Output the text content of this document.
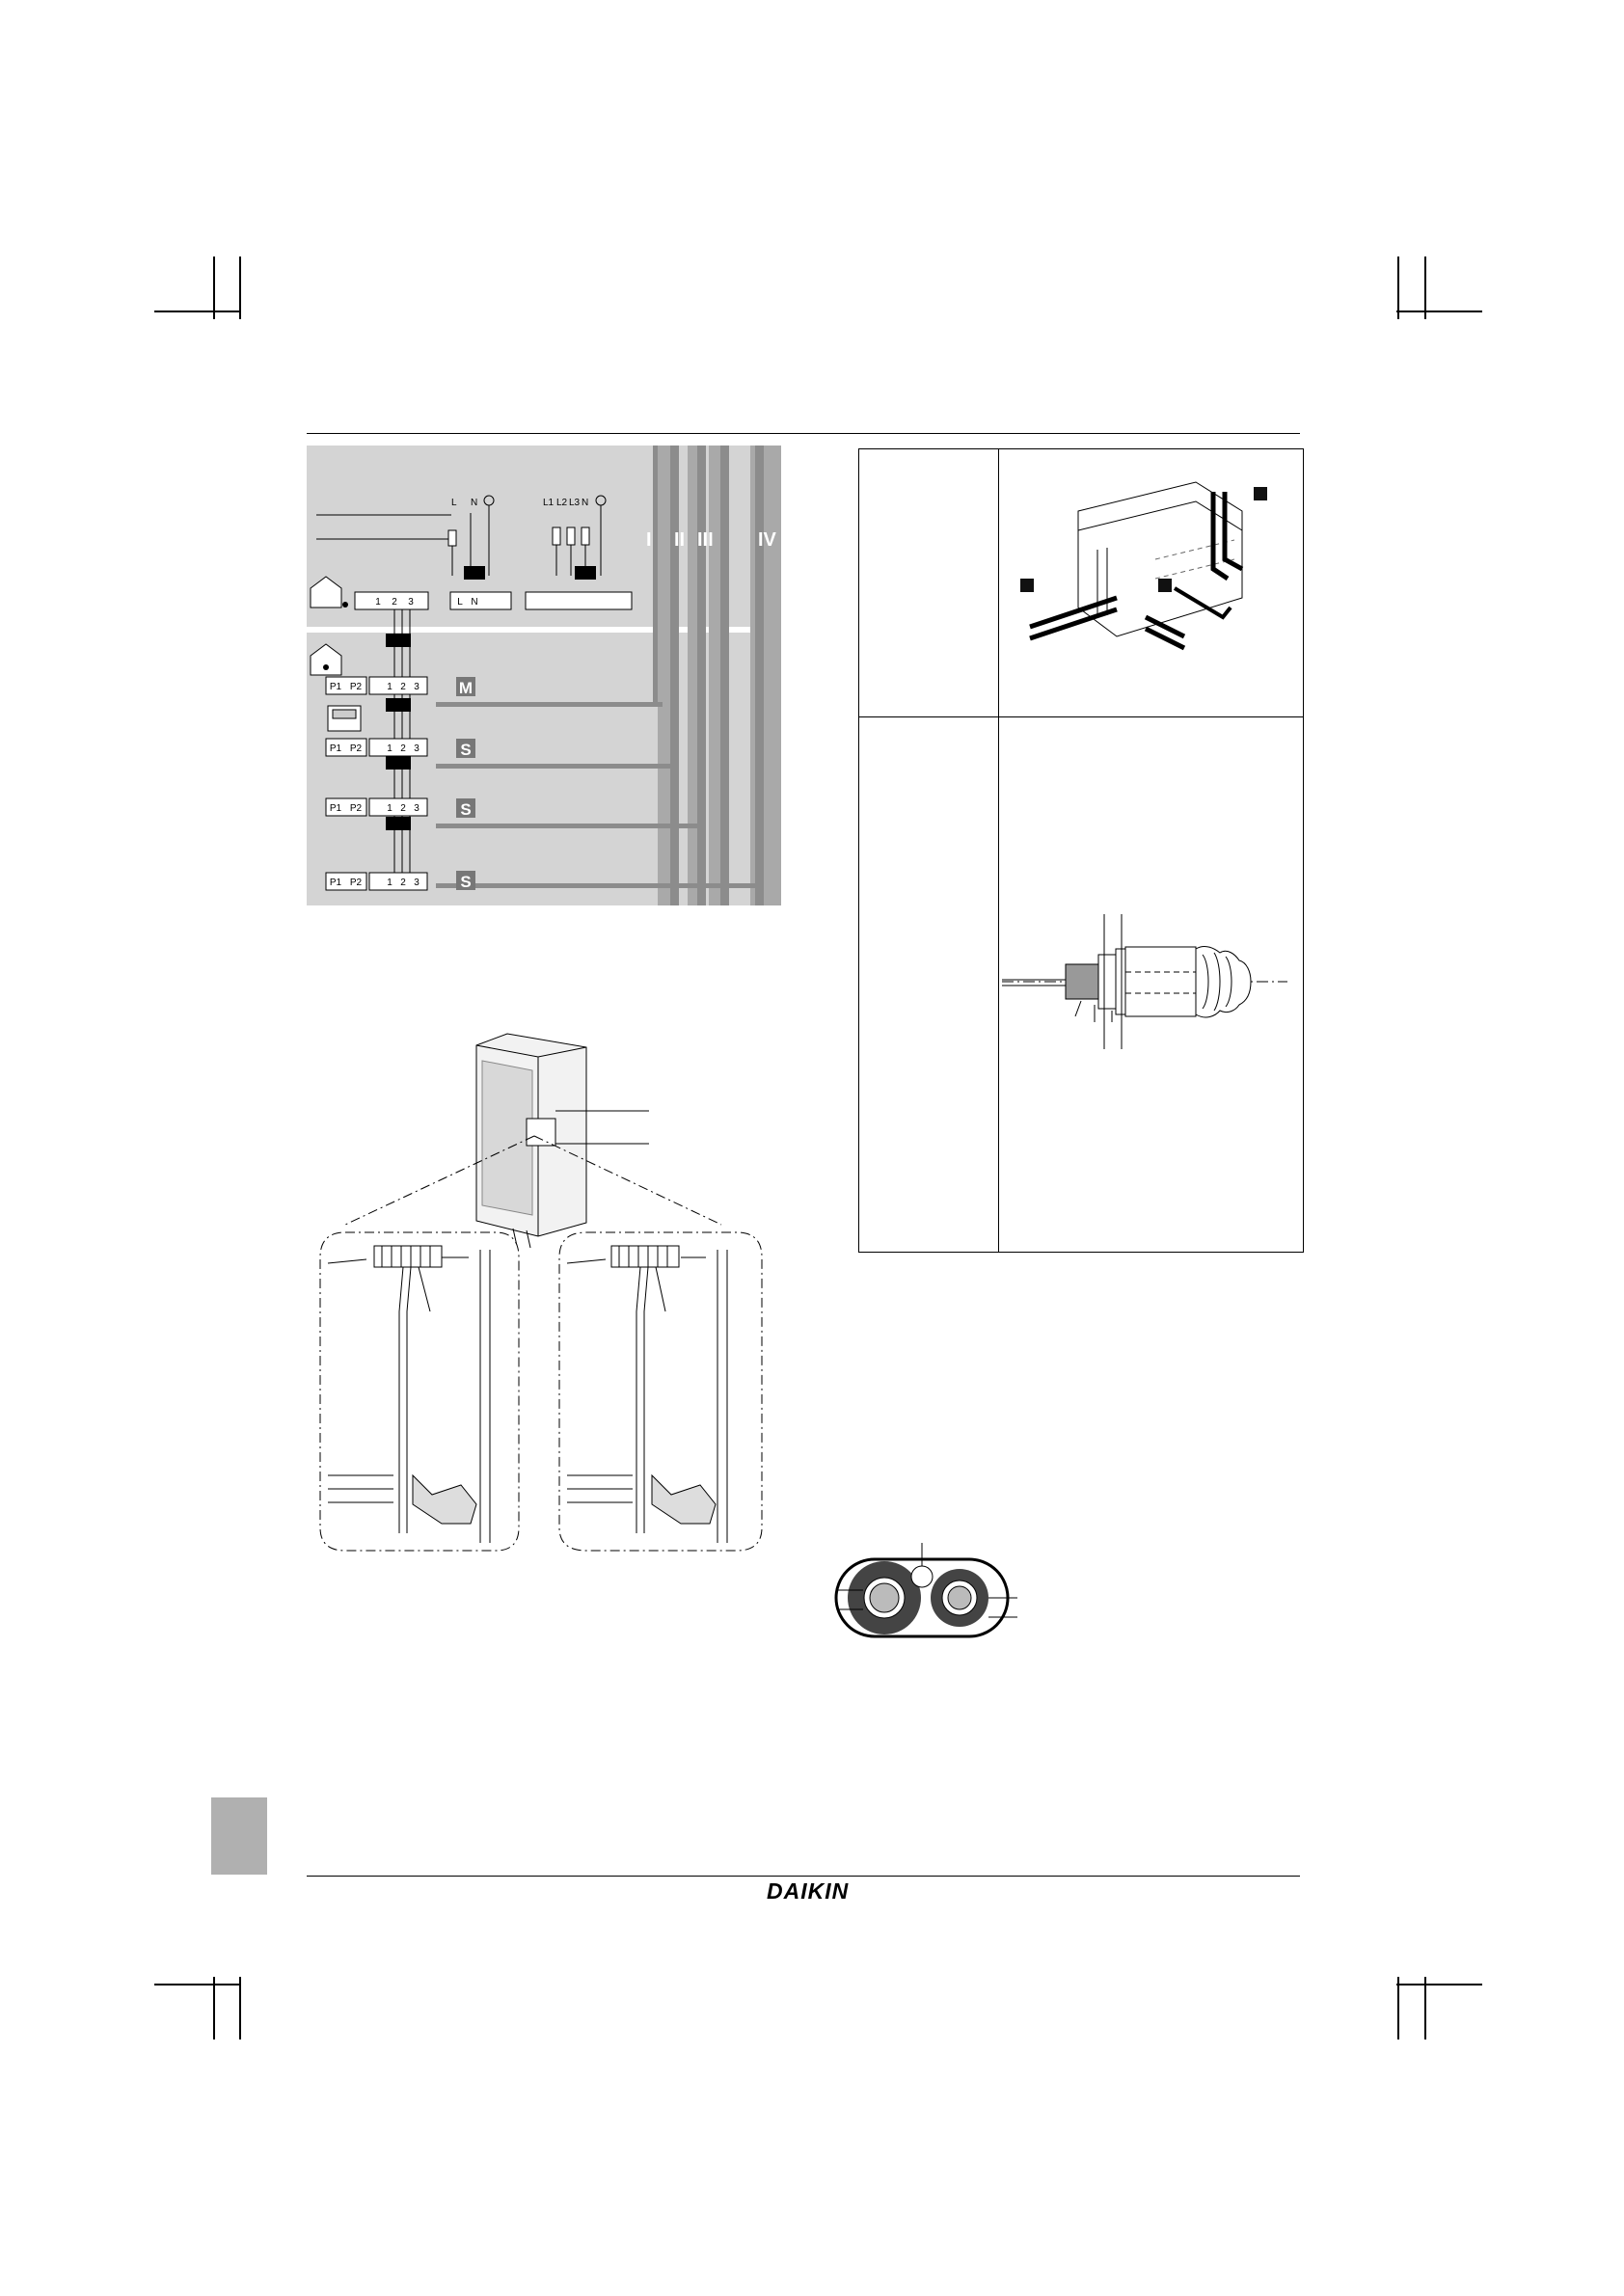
I II III IV
L N	L1 L2 L3 N
1 2 3	L N
P1 P2	1 2 3
P1 P2	1 2 3
P1 P2	1 2 3
P1 P2	1 2 3
M
S
S
S
DAIKIN
